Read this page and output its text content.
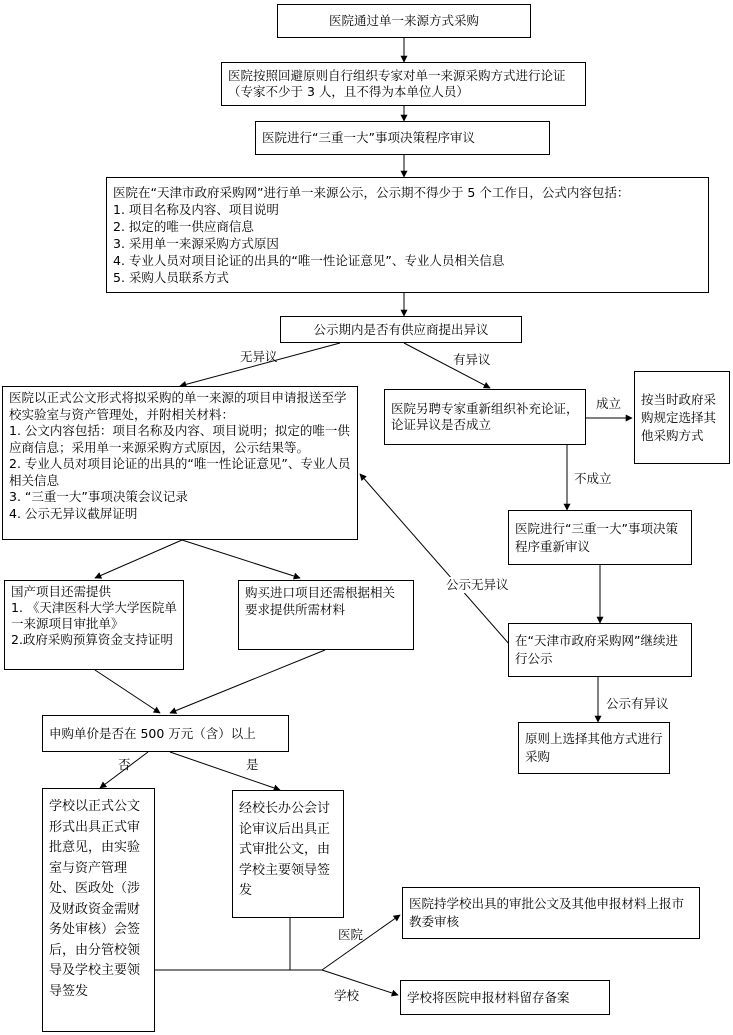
医院通过单一来源方式采购
医院按照回避原则自行组织专家对单一来源采购方式进行论证（专家不少于 3 人，且不得为本单位人员）
医院进行“三重一大”事项决策程序审议
医院在“天津市政府采购网”进行单一来源公示，公示期不得少于 5 个工作日，公式内容包括：
1. 项目名称及内容、项目说明
2. 拟定的唯一供应商信息
3. 采用单一来源采购方式原因
4. 专业人员对项目论证的出具的“唯一性论证意见”、专业人员相关信息
5. 采购人员联系方式
公示期内是否有供应商提出异议
医院以正式公文形式将拟采购的单一来源的项目申请报送至学校实验室与资产管理处，并附相关材料：
1. 公文内容包括：项目名称及内容、项目说明；拟定的唯一供应商信息；采用单一来源采购方式原因，公示结果等。
2. 专业人员对项目论证的出具的“唯一性论证意见”、专业人员相关信息
3. “三重一大”事项决策会议记录
4. 公示无异议截屏证明
医院另聘专家重新组织补充论证，论证异议是否成立
按当时政府采购规定选择其他采购方式
医院进行“三重一大”事项决策程序重新审议
国产项目还需提供
1. 《天津医科大学大学医院单一来源项目审批单》
2.政府采购预算资金支持证明
购买进口项目还需根据相关要求提供所需材料
在“天津市政府采购网”继续进行公示
申购单价是否在 500 万元（含）以上	原则上选择其他方式进行采购
学校以正式公文形式出具正式审批意见，由实验室与资产管理处、医政处（涉及财政资金需财务处审核）会签后，由分管校领导及学校主要领导签发
经校长办公会讨论审议后出具正式审批公文，由学校主要领导签发
医院持学校出具的审批公文及其他申报材料上报市教委审核
学校将医院申报材料留存备案
无异议	有异议
成立
不成立
公示无异议
公示有异议
否	是
医院
学校
